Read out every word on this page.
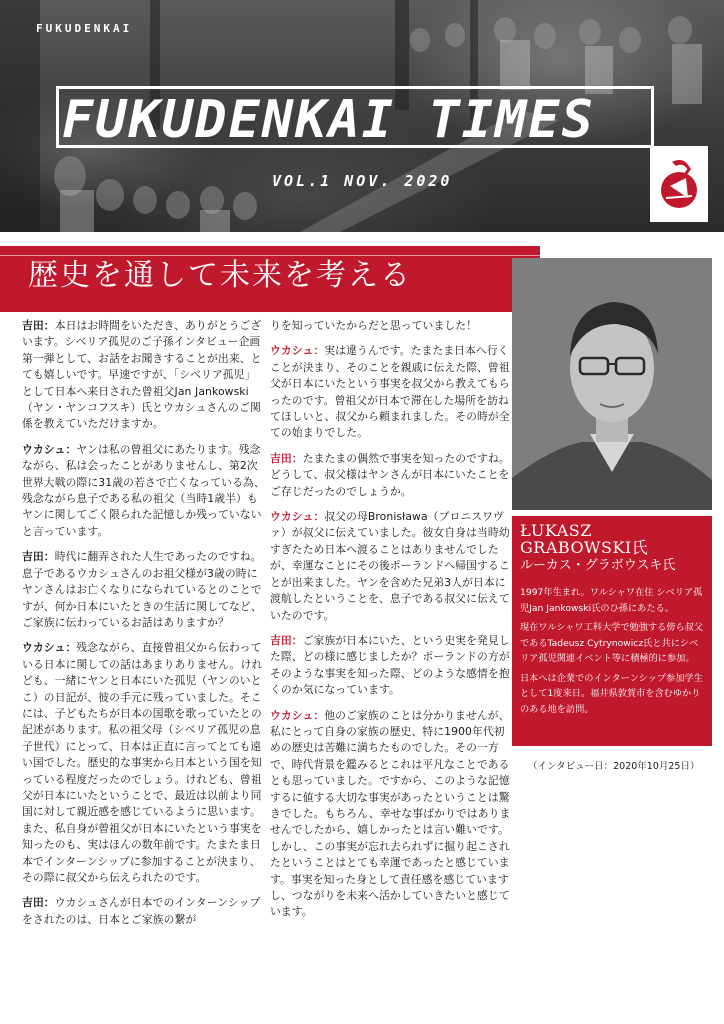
FUKUDENKAI
FUKUDENKAI TIMES
VOL.1 NOV. 2020
歴史を通して未来を考える
ŁUKASZ
GRABOWSKI氏
ルーカス・グラボウスキ氏

1997年生まれ。ワルシャワ在住 シベリア孤児Jan Jankowski氏のひ孫にあたる。

現在ワルシャワ工科大学で勉強する傍ら叔父であるTadeusz Cytrynowicz氏と共にシベリア孤児関連イベント等に積極的に参加。

日本へは企業でのインターンシップ参加学生として1度来日。福井県敦賀市を含むゆかりのある地を訪問。

（インタビュー日：2020年10月25日）

吉田：本日はお時間をいただき、ありがとうございます。シベリア孤児のご子孫インタビュー企画第一弾として、お話をお聞きすることが出来、とても嬉しいです。早速ですが、「シベリア孤児」として日本へ来日された曾祖父Jan Jankowski（ヤン・ヤンコフスキ）氏とウカシュさんのご関係を教えていただけますか。

ウカシュ：ヤンは私の曾祖父にあたります。残念ながら、私は会ったことがありませんし、第2次世界大戦の際に31歳の若さで亡くなっている為、残念ながら息子である私の祖父（当時1歳半）もヤンに関してごく限られた記憶しか残っていないと言っています。

吉田：時代に翻弄された人生であったのですね。息子であるウカシュさんのお祖父様が3歳の時にヤンさんはお亡くなりになられているとのことですが、何か日本にいたときの生活に関してなど、ご家族に伝わっているお話はありますか？

ウカシュ：残念ながら、直接曾祖父から伝わっている日本に関しての話はあまりありません。けれども、一緒にヤンと日本にいた孤児（ヤンのいとこ）の日記が、彼の手元に残っていました。そこには、子どもたちが日本の国歌を歌っていたとの記述があります。私の祖父母（シベリア孤児の息子世代）にとって、日本は正直に言ってとても遠い国でした。歴史的な事実から日本という国を知っている程度だったのでしょう。けれども、曾祖父が日本にいたということで、最近は以前より同国に対して親近感を感じているように思います。また、私自身が曾祖父が日本にいたという事実を知ったのも、実はほんの数年前です。たまたま日本でインターンシップに参加することが決まり、その際に叔父から伝えられたのです。

吉田：ウカシュさんが日本でのインターンシップをされたのは、日本とご家族の繋が

りを知っていたからだと思っていました！

ウカシュ：実は違うんです。たまたま日本へ行くことが決まり、そのことを親戚に伝えた際、曾祖父が日本にいたという事実を叔父から教えてもらったのです。曾祖父が日本で滞在した場所を訪ねてほしいと、叔父から頼まれました。その時が全ての始まりでした。

吉田：たまたまの偶然で事実を知ったのですね。どうして、叔父様はヤンさんが日本にいたことをご存じだったのでしょうか。

ウカシュ：叔父の母Bronisława（ブロニスワヴァ）が叔父に伝えていました。彼女自身は当時幼すぎたため日本へ渡ることはありませんでしたが、幸運なことにその後ポーランドへ帰国することが出来ました。ヤンを含めた兄弟3人が日本に渡航したということを、息子である叔父に伝えていたのです。

吉田：ご家族が日本にいた、という史実を発見した際、どの様に感じましたか？ポーランドの方がそのような事実を知った際、どのような感情を抱くのか気になっています。

ウカシュ：他のご家族のことは分かりませんが、私にとって自身の家族の歴史、特に1900年代初めの歴史は苦難に満ちたものでした。その一方で、時代背景を鑑みるとこれは平凡なことであるとも思っていました。ですから、このような記憶するに値する大切な事実があったということは驚きでした。もちろん、幸せな事ばかりではありませんでしたから、嬉しかったとは言い難いです。しかし、この事実が忘れ去られずに掘り起こされたということはとても幸運であったと感じています。事実を知った身として責任感を感じていますし、つながりを未来へ活かしていきたいと感じています。
